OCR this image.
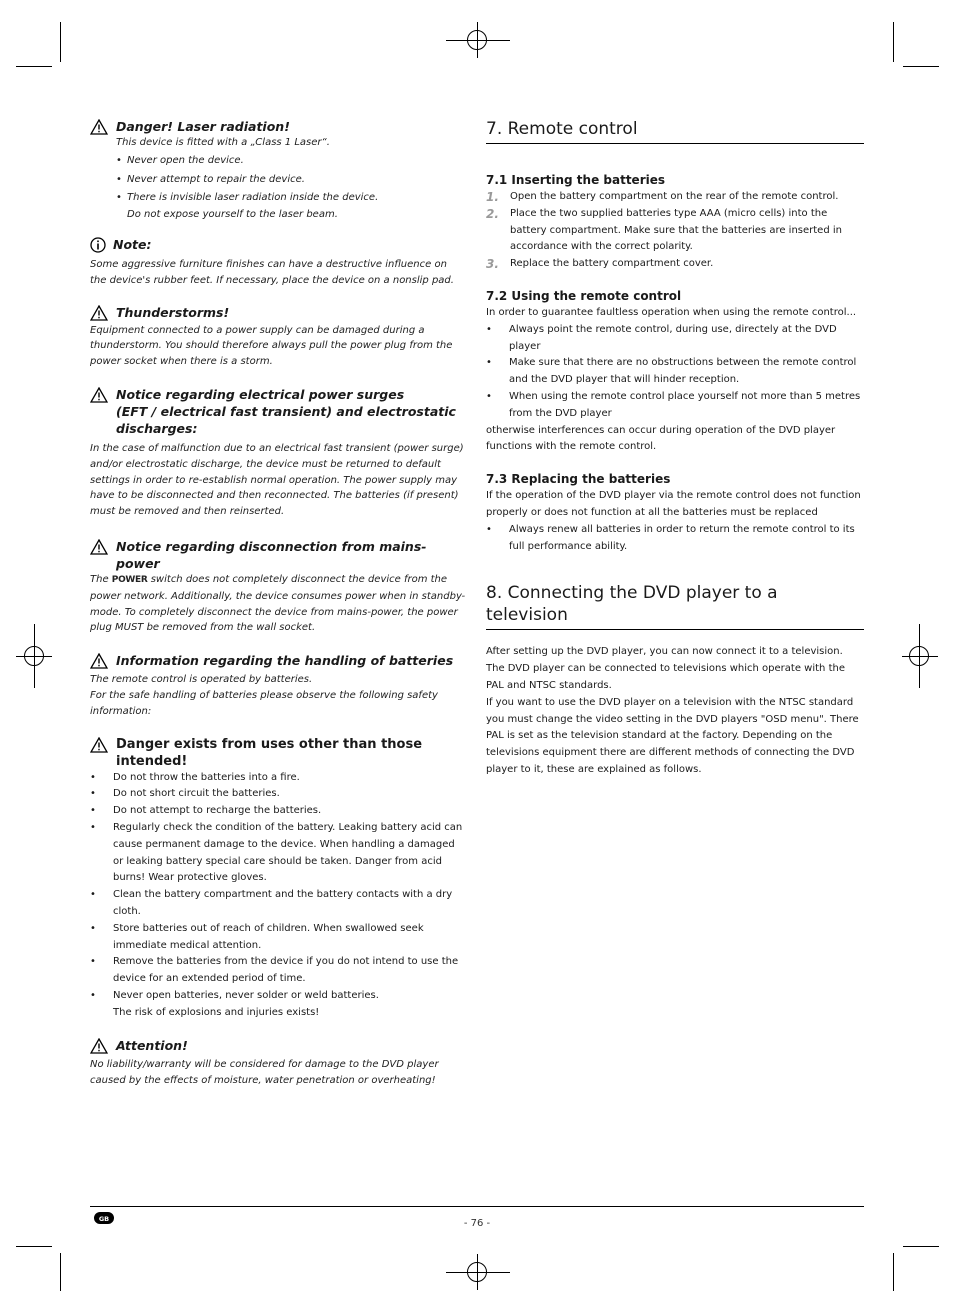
Danger! Laser radiation!

This device is fitted with a „Class 1 Laser“.

• Never open the device.
• Never attempt to repair the device.
• There is invisible laser radiation inside the device.

Do not expose yourself to the laser beam.

Note:

Some aggressive furniture finishes can have a destructive influence on the device's rubber feet. If necessary, place the device on a nonslip pad.

Thunderstorms!

Equipment connected to a power supply can be damaged during a thunderstorm. You should therefore always pull the power plug from the power socket when there is a storm.

Notice regarding electrical power surges

(EFT / electrical fast transient) and electrostatic discharges:

In the case of malfunction due to an electrical fast transient (power surge) and/or electrostatic discharge, the device must be returned to default settings in order to re-establish normal operation. The power supply may have to be disconnected and then reconnected. The batteries (if present) must be removed and then reinserted.

Notice regarding disconnection from mains-power

The POWER switch does not completely disconnect the device from the power network. Additionally, the device consumes power when in standby-mode. To completely disconnect the device from mains-power, the power plug MUST be removed from the wall socket.

Information regarding the handling of batteries

The remote control is operated by batteries.

For the safe handling of batteries please observe the following safety information:

Danger exists from uses other than those intended!

• Do not throw the batteries into a fire.
• Do not short circuit the batteries.
• Do not attempt to recharge the batteries.
• Regularly check the condition of the battery. Leaking battery acid can cause permanent damage to the device. When handling a damaged or leaking battery special care should be taken. Danger from acid burns! Wear protective gloves.
• Clean the battery compartment and the battery contacts with a dry cloth.
• Store batteries out of reach of children. When swallowed seek immediate medical attention.
• Remove the batteries from the device if you do not intend to use the device for an extended period of time.
• Never open batteries, never solder or weld batteries.

The risk of explosions and injuries exists!

Attention!

No liability/warranty will be considered for damage to the DVD player caused by the effects of moisture, water penetration or overheating!

7. Remote control
7.1 Inserting the batteries
1. Open the battery compartment on the rear of the remote control.
2. Place the two supplied batteries type AAA (micro cells) into the battery compartment. Make sure that the batteries are inserted in accordance with the correct polarity.
3. Replace the battery compartment cover.
7.2 Using the remote control

In order to guarantee faultless operation when using the remote control...

• Always point the remote control, during use, directely at the DVD player
• Make sure that there are no obstructions between the remote control and the DVD player that will hinder reception.
• When using the remote control place yourself not more than 5 metres from the DVD player

otherwise interferences can occur during operation of the DVD player functions with the remote control.

7.3 Replacing the batteries

If the operation of the DVD player via the remote control does not function properly or does not function at all the batteries must be replaced

• Always renew all batteries in order to return the remote control to its full performance ability.
8. Connecting the DVD player to a television

After setting up the DVD player, you can now connect it to a television.

The DVD player can be connected to televisions which operate with the PAL and NTSC standards.

If you want to use the DVD player on a television with the NTSC standard you must change the video setting in the DVD players "OSD menu". There PAL is set as the television standard at the factory. Depending on the televisions equipment there are different methods of connecting the DVD player to it, these are explained as follows.

GB	- 76 -
